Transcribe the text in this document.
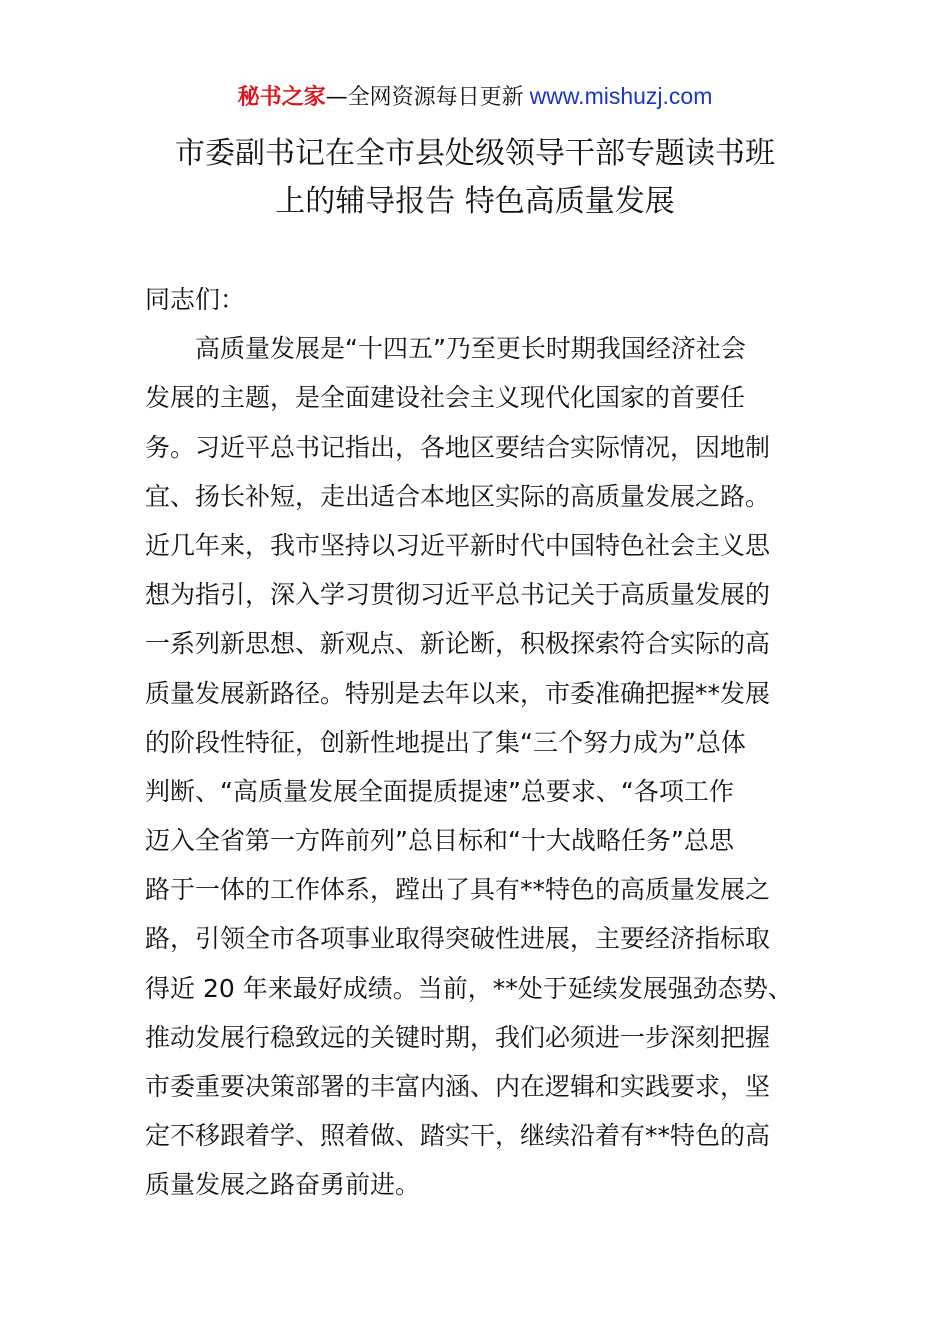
秘书之家—全网资源每日更新 www.mishuzj.com
市委副书记在全市县处级领导干部专题读书班
上的辅导报告 特色高质量发展
同志们：
高质量发展是“十四五”乃至更长时期我国经济社会
发展的主题，是全面建设社会主义现代化国家的首要任
务。习近平总书记指出，各地区要结合实际情况，因地制
宜、扬长补短，走出适合本地区实际的高质量发展之路。
近几年来，我市坚持以习近平新时代中国特色社会主义思
想为指引，深入学习贯彻习近平总书记关于高质量发展的
一系列新思想、新观点、新论断，积极探索符合实际的高
质量发展新路径。特别是去年以来，市委准确把握**发展
的阶段性特征，创新性地提出了集“三个努力成为”总体
判断、“高质量发展全面提质提速”总要求、“各项工作
迈入全省第一方阵前列”总目标和“十大战略任务”总思
路于一体的工作体系，蹚出了具有**特色的高质量发展之
路，引领全市各项事业取得突破性进展，主要经济指标取
得近 20 年来最好成绩。当前，**处于延续发展强劲态势、
推动发展行稳致远的关键时期，我们必须进一步深刻把握
市委重要决策部署的丰富内涵、内在逻辑和实践要求，坚
定不移跟着学、照着做、踏实干，继续沿着有**特色的高
质量发展之路奋勇前进。
